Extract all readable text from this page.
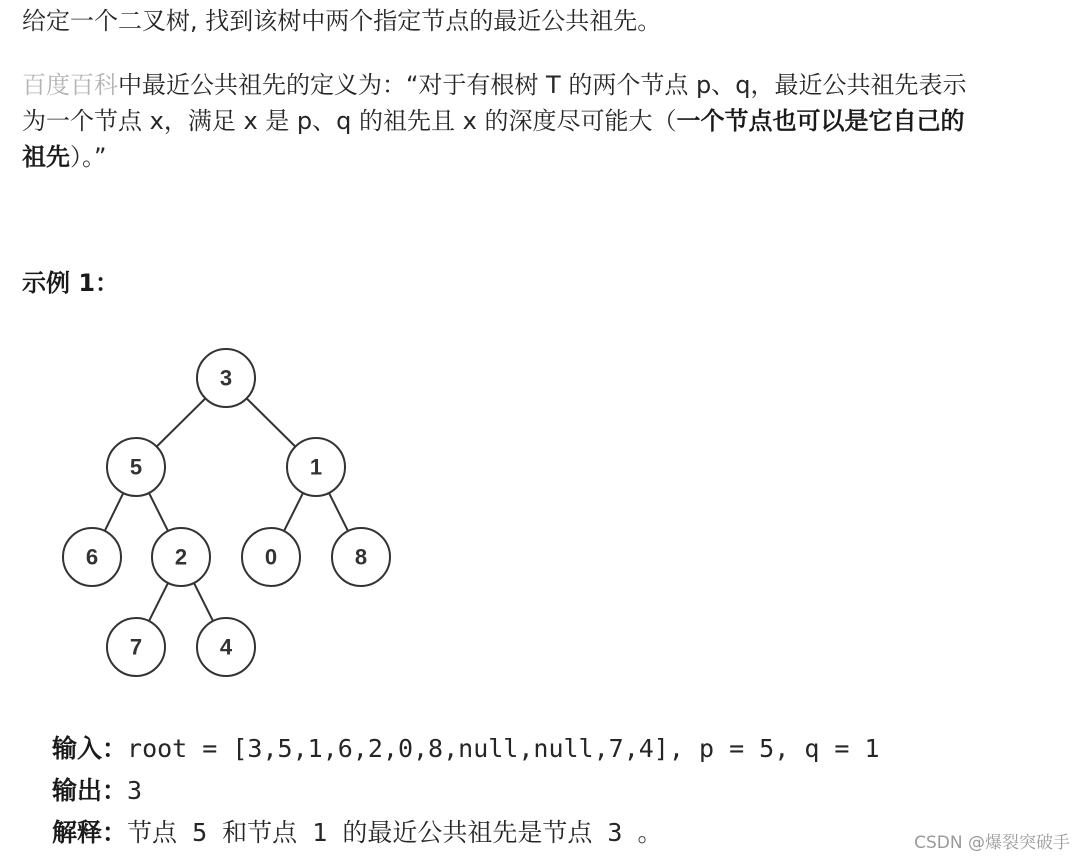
给定一个二叉树, 找到该树中两个指定节点的最近公共祖先。
百度百科中最近公共祖先的定义为：“对于有根树 T 的两个节点 p、q，最近公共祖先表示
为一个节点 x，满足 x 是 p、q 的祖先且 x 的深度尽可能大（一个节点也可以是它自己的
祖先）。”
示例 1：
3
5	1
6	2	0	8
7	4
输入：root = [3,5,1,6,2,0,8,null,null,7,4], p = 5, q = 1
输出：3
解释：节点 5 和节点 1 的最近公共祖先是节点 3 。	CSDN @爆裂突破手
